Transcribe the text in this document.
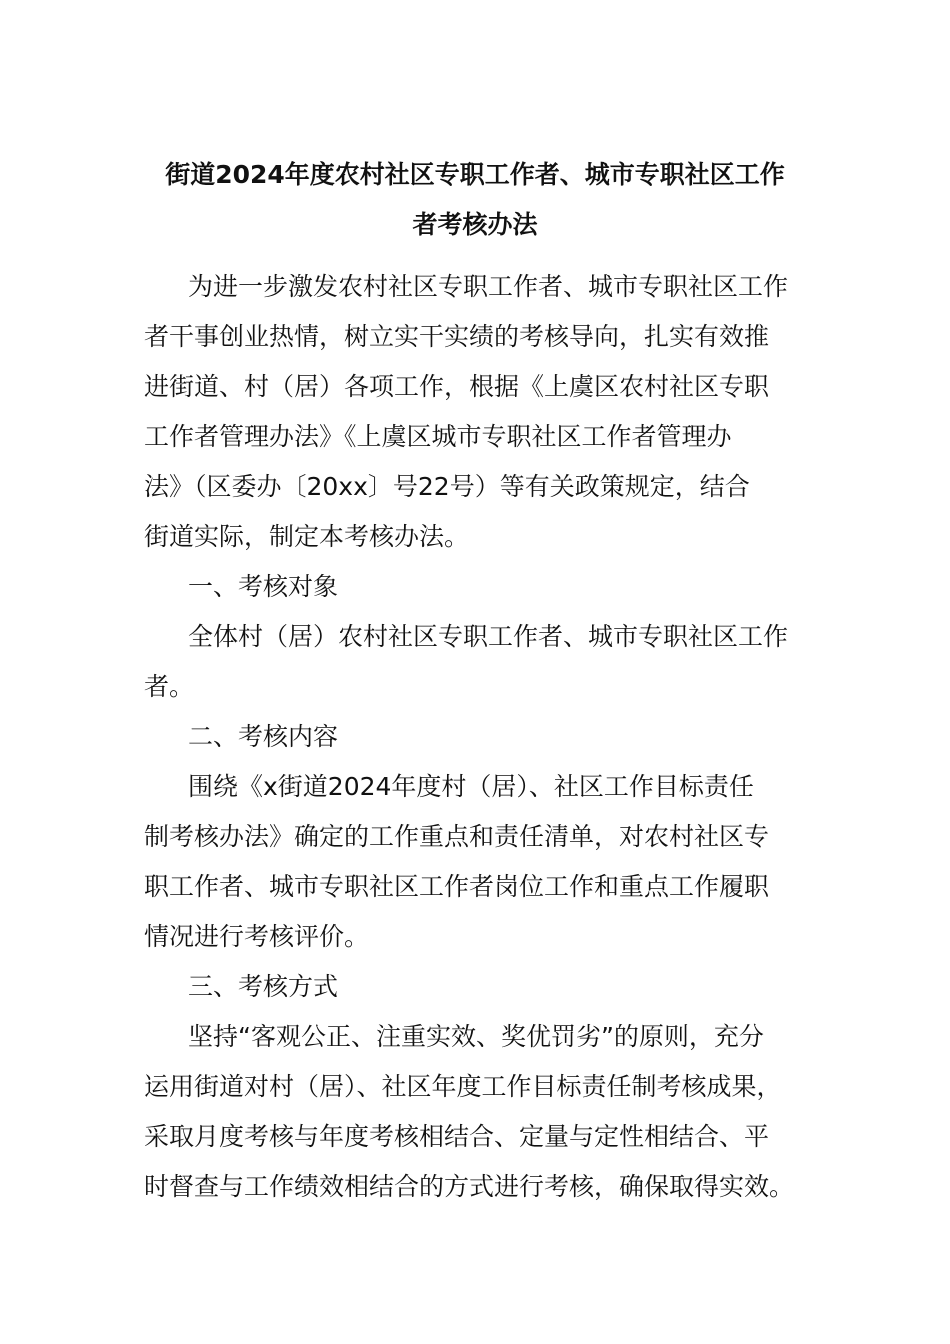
街道2024年度农村社区专职工作者、城市专职社区工作
者考核办法
为进一步激发农村社区专职工作者、城市专职社区工作
者干事创业热情，树立实干实绩的考核导向，扎实有效推
进街道、村（居）各项工作，根据《上虞区农村社区专职
工作者管理办法》《上虞区城市专职社区工作者管理办
法》（区委办〔20xx〕号22号）等有关政策规定，结合
街道实际，制定本考核办法。
一、考核对象
全体村（居）农村社区专职工作者、城市专职社区工作
者。
二、考核内容
围绕《x街道2024年度村（居）、社区工作目标责任
制考核办法》确定的工作重点和责任清单，对农村社区专
职工作者、城市专职社区工作者岗位工作和重点工作履职
情况进行考核评价。
三、考核方式
坚持“客观公正、注重实效、奖优罚劣”的原则，充分
运用街道对村（居）、社区年度工作目标责任制考核成果，
采取月度考核与年度考核相结合、定量与定性相结合、平
时督查与工作绩效相结合的方式进行考核，确保取得实效。
